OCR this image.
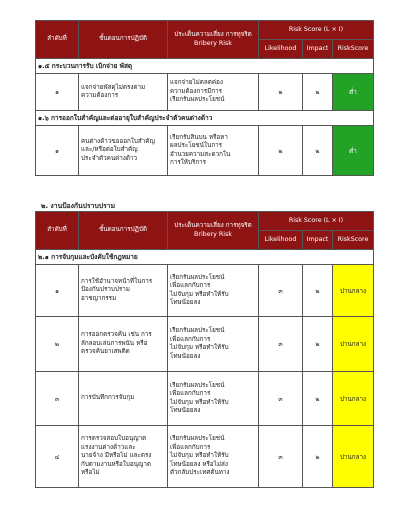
ลำดับที่	ขั้นตอนการปฏิบัติ	ประเด็นความเสี่ยง การทุจริต Bribery Risk	Risk Score (L × I)		
			Likelihood	Impact	RiskScore
๑.๕ กระบวนการรับ เบิกจ่าย พัสดุ					
๑	แจกจ่ายพัสดุไม่ตรงตาม
ความต้องการ	แจกจ่ายไม่ตลตค่อง
ความต้องการมีการ
เรียกรับผลประโยชน์	๒	๒	ต่ำ
๑.๖ การออกใบสำคัญและต่ออายุใบสำคัญประจำตัวคนต่างด้าว					
๑	คนต่างด้าวขอออกใบสำคัญ
และ/หรือต่อใบสำคัญ
ประจำตัวคนต่างด้าว	เรียกรับสินบน หรือหา
ผลประโยชน์ในการ
อำนวยความสะดวกใน
การให้บริการ	๒	๒	ต่ำ
๒. งานป้องกันปราบปราม
ลำดับที่	ขั้นตอนการปฏิบัติ	ประเด็นความเสี่ยง การทุจริต Bribery Risk	Risk Score (L × I)		
			Likelihood	Impact	RiskScore
๒.๑ การจับกุมและบังคับใช้กฎหมาย					
๑	การใช้อำนาจหน้าที่ในการ
ป้องกันปราบปราม
อาชญากรรม	เรียกรับผลประโยชน์
เพื่อแลกกับการ
ไม่จับกุม หรือทำให้รับ
โทษน้อยลง	๓	๒	ปานกลาง
๒	การออกตรวจค้น เช่น การ
ลักลอบเล่นการพนัน หรือ
ตรวจค้นยาเสพติด	เรียกรับผลประโยชน์
เพื่อแลกกับการ
ไม่จับกุม หรือทำให้รับ
โทษน้อยลง	๓	๒	ปานกลาง
๓	การบันทึกการจับกุม	เรียกรับผลประโยชน์
เพื่อแลกกับการ
ไม่จับกุม หรือทำให้รับ
โทษน้อยลง	๓	๒	ปานกลาง
๔	การตรวจสอบใบอนุญาต
แรงงานต่างด้าวและ
นายจ้าง มีหรือไม่ และตรง
กับตามงานหรือใบอนุญาต
หรือไม่	เรียกรับผลประโยชน์
เพื่อแลกกับการ
ไม่จับกุม หรือทำให้รับ
โทษน้อยลง หรือไม่ส่ง
ตัวกลับประเทศต้นทาง	๓	๒	ปานกลาง
